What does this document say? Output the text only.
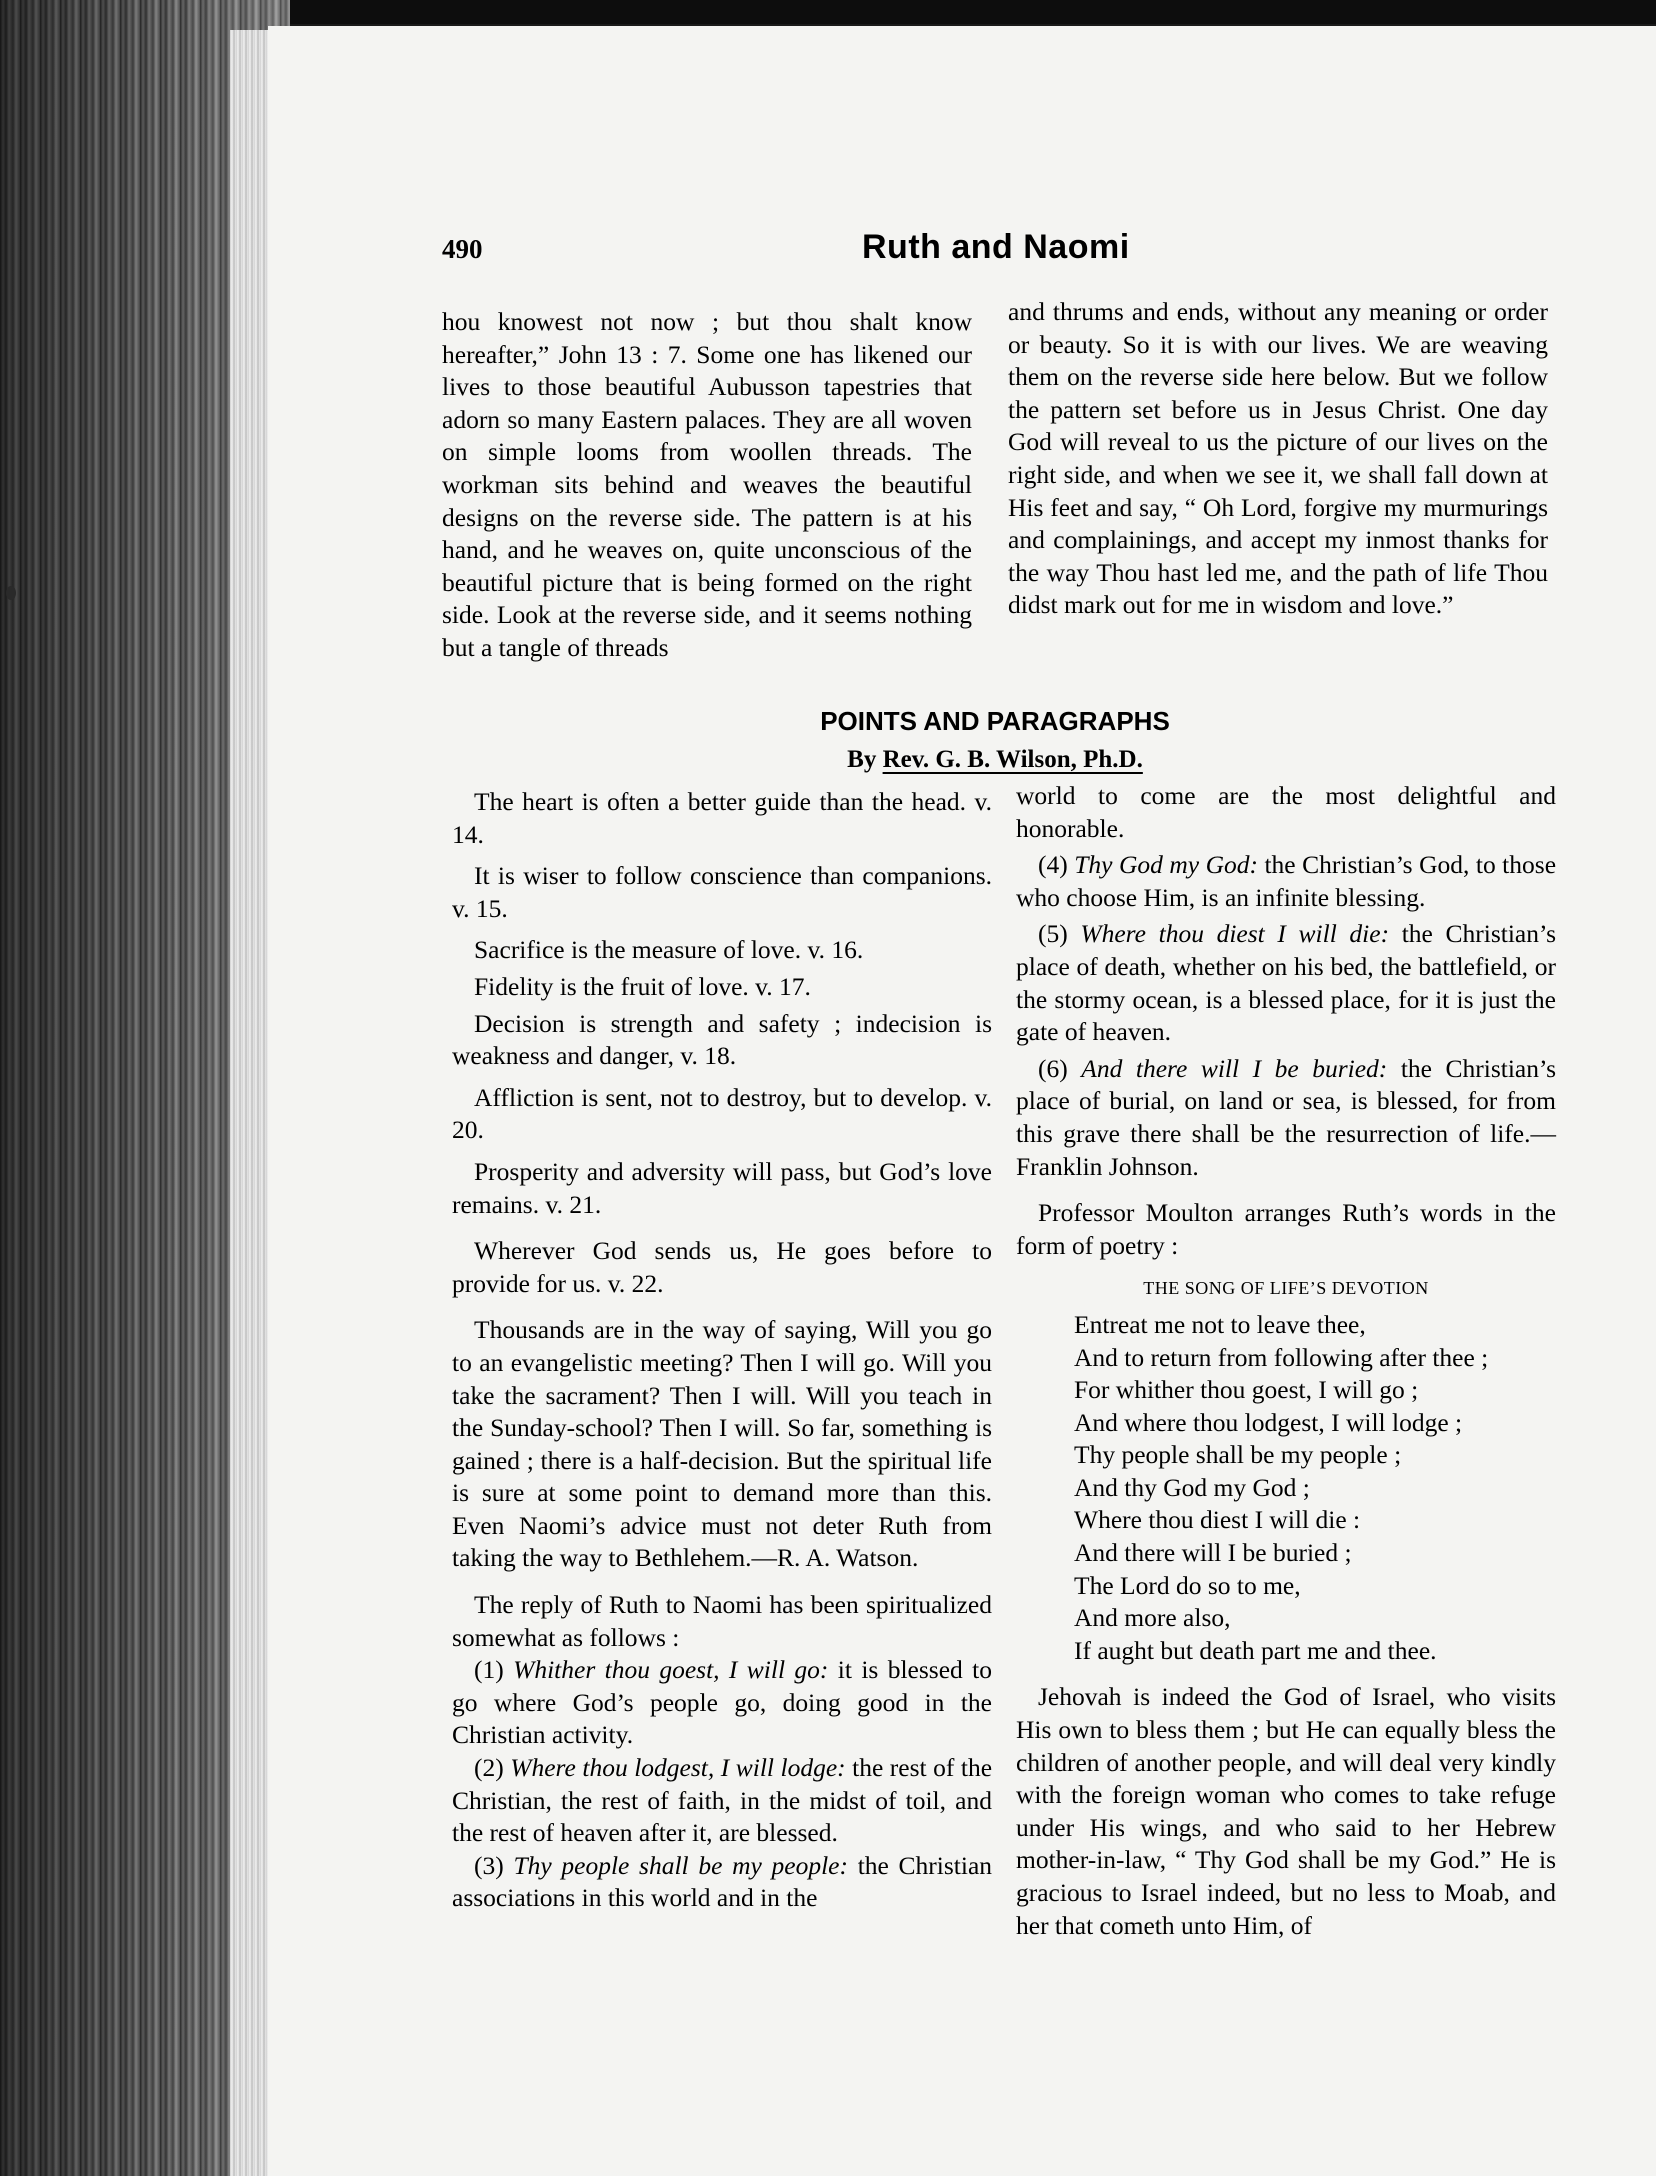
490	Ruth and Naomi

hou knowest not now ; but thou shalt know hereafter,” John 13 : 7. Some one has likened our lives to those beautiful Aubusson tapestries that adorn so many Eastern palaces. They are all woven on simple looms from woollen threads. The workman sits behind and weaves the beautiful designs on the reverse side. The pattern is at his hand, and he weaves on, quite unconscious of the beautiful picture that is being formed on the right side. Look at the reverse side, and it seems nothing but a tangle of threads

and thrums and ends, without any meaning or order or beauty. So it is with our lives. We are weaving them on the reverse side here below. But we follow the pattern set before us in Jesus Christ. One day God will reveal to us the picture of our lives on the right side, and when we see it, we shall fall down at His feet and say, “ Oh Lord, forgive my murmurings and complainings, and accept my inmost thanks for the way Thou hast led me, and the path of life Thou didst mark out for me in wisdom and love.”

POINTS AND PARAGRAPHS
By Rev. G. B. Wilson, Ph.D.

The heart is often a better guide than the head. v. 14.

It is wiser to follow conscience than companions. v. 15.

Sacrifice is the measure of love. v. 16.

Fidelity is the fruit of love. v. 17.

Decision is strength and safety ; indecision is weakness and danger, v. 18.

Affliction is sent, not to destroy, but to develop. v. 20.

Prosperity and adversity will pass, but God’s love remains. v. 21.

Wherever God sends us, He goes before to provide for us. v. 22.

Thousands are in the way of saying, Will you go to an evangelistic meeting? Then I will go. Will you take the sacrament? Then I will. Will you teach in the Sunday-school? Then I will. So far, something is gained ; there is a half-decision. But the spiritual life is sure at some point to demand more than this. Even Naomi’s advice must not deter Ruth from taking the way to Bethlehem.—R. A. Watson.

The reply of Ruth to Naomi has been spiritualized somewhat as follows :

(1) Whither thou goest, I will go: it is blessed to go where God’s people go, doing good in the Christian activity.

(2) Where thou lodgest, I will lodge: the rest of the Christian, the rest of faith, in the midst of toil, and the rest of heaven after it, are blessed.

(3) Thy people shall be my people: the Christian associations in this world and in the

world to come are the most delightful and honorable.

(4) Thy God my God: the Christian’s God, to those who choose Him, is an infinite blessing.

(5) Where thou diest I will die: the Christian’s place of death, whether on his bed, the battlefield, or the stormy ocean, is a blessed place, for it is just the gate of heaven.

(6) And there will I be buried: the Christian’s place of burial, on land or sea, is blessed, for from this grave there shall be the resurrection of life.—Franklin Johnson.

Professor Moulton arranges Ruth’s words in the form of poetry :

THE SONG OF LIFE’S DEVOTION

Entreat me not to leave thee,

And to return from following after thee ;

For whither thou goest, I will go ;

And where thou lodgest, I will lodge ;

Thy people shall be my people ;

And thy God my God ;

Where thou diest I will die :

And there will I be buried ;

The Lord do so to me,

And more also,

If aught but death part me and thee.

Jehovah is indeed the God of Israel, who visits His own to bless them ; but He can equally bless the children of another people, and will deal very kindly with the foreign woman who comes to take refuge under His wings, and who said to her Hebrew mother-in-law, “ Thy God shall be my God.” He is gracious to Israel indeed, but no less to Moab, and her that cometh unto Him, of
